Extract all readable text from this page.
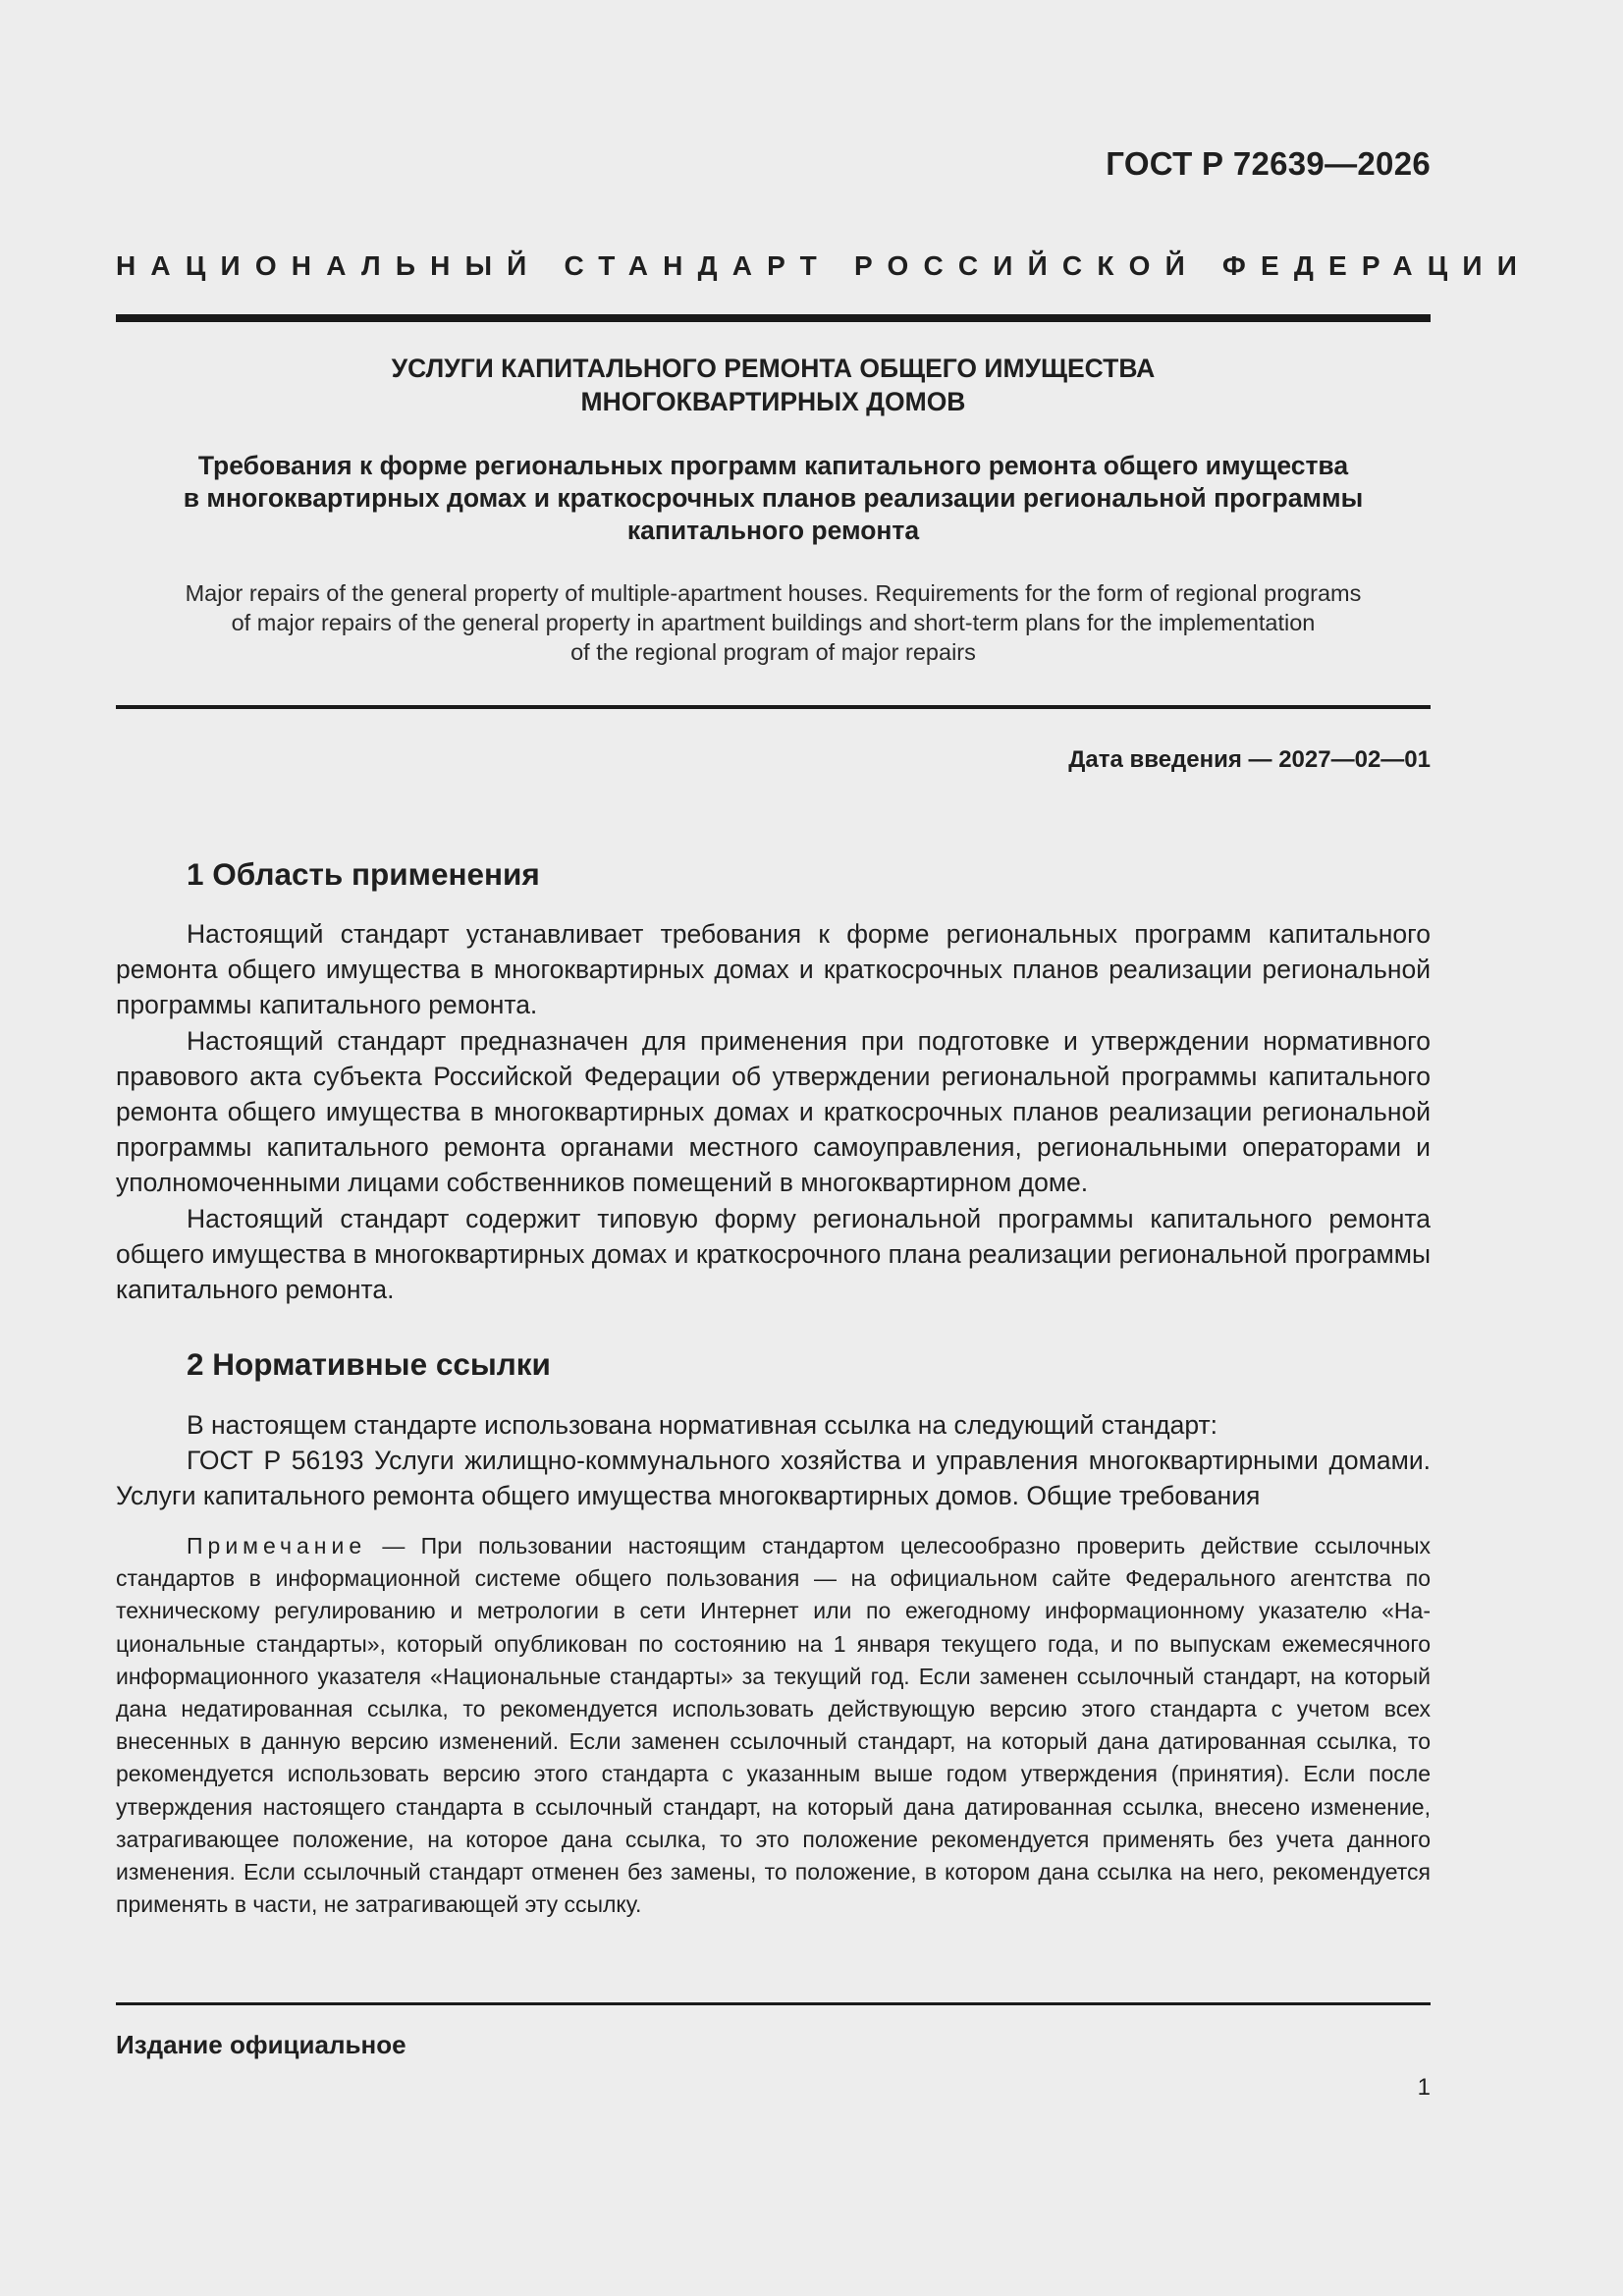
ГОСТ Р 72639—2026
НАЦИОНАЛЬНЫЙ СТАНДАРТ РОССИЙСКОЙ ФЕДЕРАЦИИ
УСЛУГИ КАПИТАЛЬНОГО РЕМОНТА ОБЩЕГО ИМУЩЕСТВА
МНОГОКВАРТИРНЫХ ДОМОВ
Требования к форме региональных программ капитального ремонта общего имущества
в многоквартирных домах и краткосрочных планов реализации региональной программы
капитального ремонта
Major repairs of the general property of multiple-apartment houses. Requirements for the form of regional programs
of major repairs of the general property in apartment buildings and short-term plans for the implementation
of the regional program of major repairs
Дата введения — 2027—02—01
1 Область применения

Настоящий стандарт устанавливает требования к форме региональных программ капитального ремонта общего имущества в многоквартирных домах и краткосрочных планов реализации региональной программы капитального ремонта.

Настоящий стандарт предназначен для применения при подготовке и утверждении нормативного правового акта субъекта Российской Федерации об утверждении региональной программы капитального ремонта общего имущества в многоквартирных домах и краткосрочных планов реализации региональной программы капитального ремонта органами местного самоуправления, региональными операторами и уполномоченными лицами собственников помещений в многоквартирном доме.

Настоящий стандарт содержит типовую форму региональной программы капитального ремонта общего имущества в многоквартирных домах и краткосрочного плана реализации региональной программы капитального ремонта.

2 Нормативные ссылки

В настоящем стандарте использована нормативная ссылка на следующий стандарт:

ГОСТ Р 56193 Услуги жилищно-коммунального хозяйства и управления многоквартирными домами. Услуги капитального ремонта общего имущества многоквартирных домов. Общие требования

Примечание — При пользовании настоящим стандартом целесообразно проверить действие ссылочных стандартов в информационной системе общего пользования — на официальном сайте Федерального агентства по техническому регулированию и метрологии в сети Интернет или по ежегодному информационному указателю «Национальные стандарты», который опубликован по состоянию на 1 января текущего года, и по выпускам ежемесячного информационного указателя «Национальные стандарты» за текущий год. Если заменен ссылочный стандарт, на который дана недатированная ссылка, то рекомендуется использовать действующую версию этого стандарта с учетом всех внесенных в данную версию изменений. Если заменен ссылочный стандарт, на который дана датированная ссылка, то рекомендуется использовать версию этого стандарта с указанным выше годом утверждения (принятия). Если после утверждения настоящего стандарта в ссылочный стандарт, на который дана датированная ссылка, внесено изменение, затрагивающее положение, на которое дана ссылка, то это положение рекомендуется применять без учета данного изменения. Если ссылочный стандарт отменен без замены, то положение, в котором дана ссылка на него, рекомендуется применять в части, не затрагивающей эту ссылку.

Издание официальное
1
